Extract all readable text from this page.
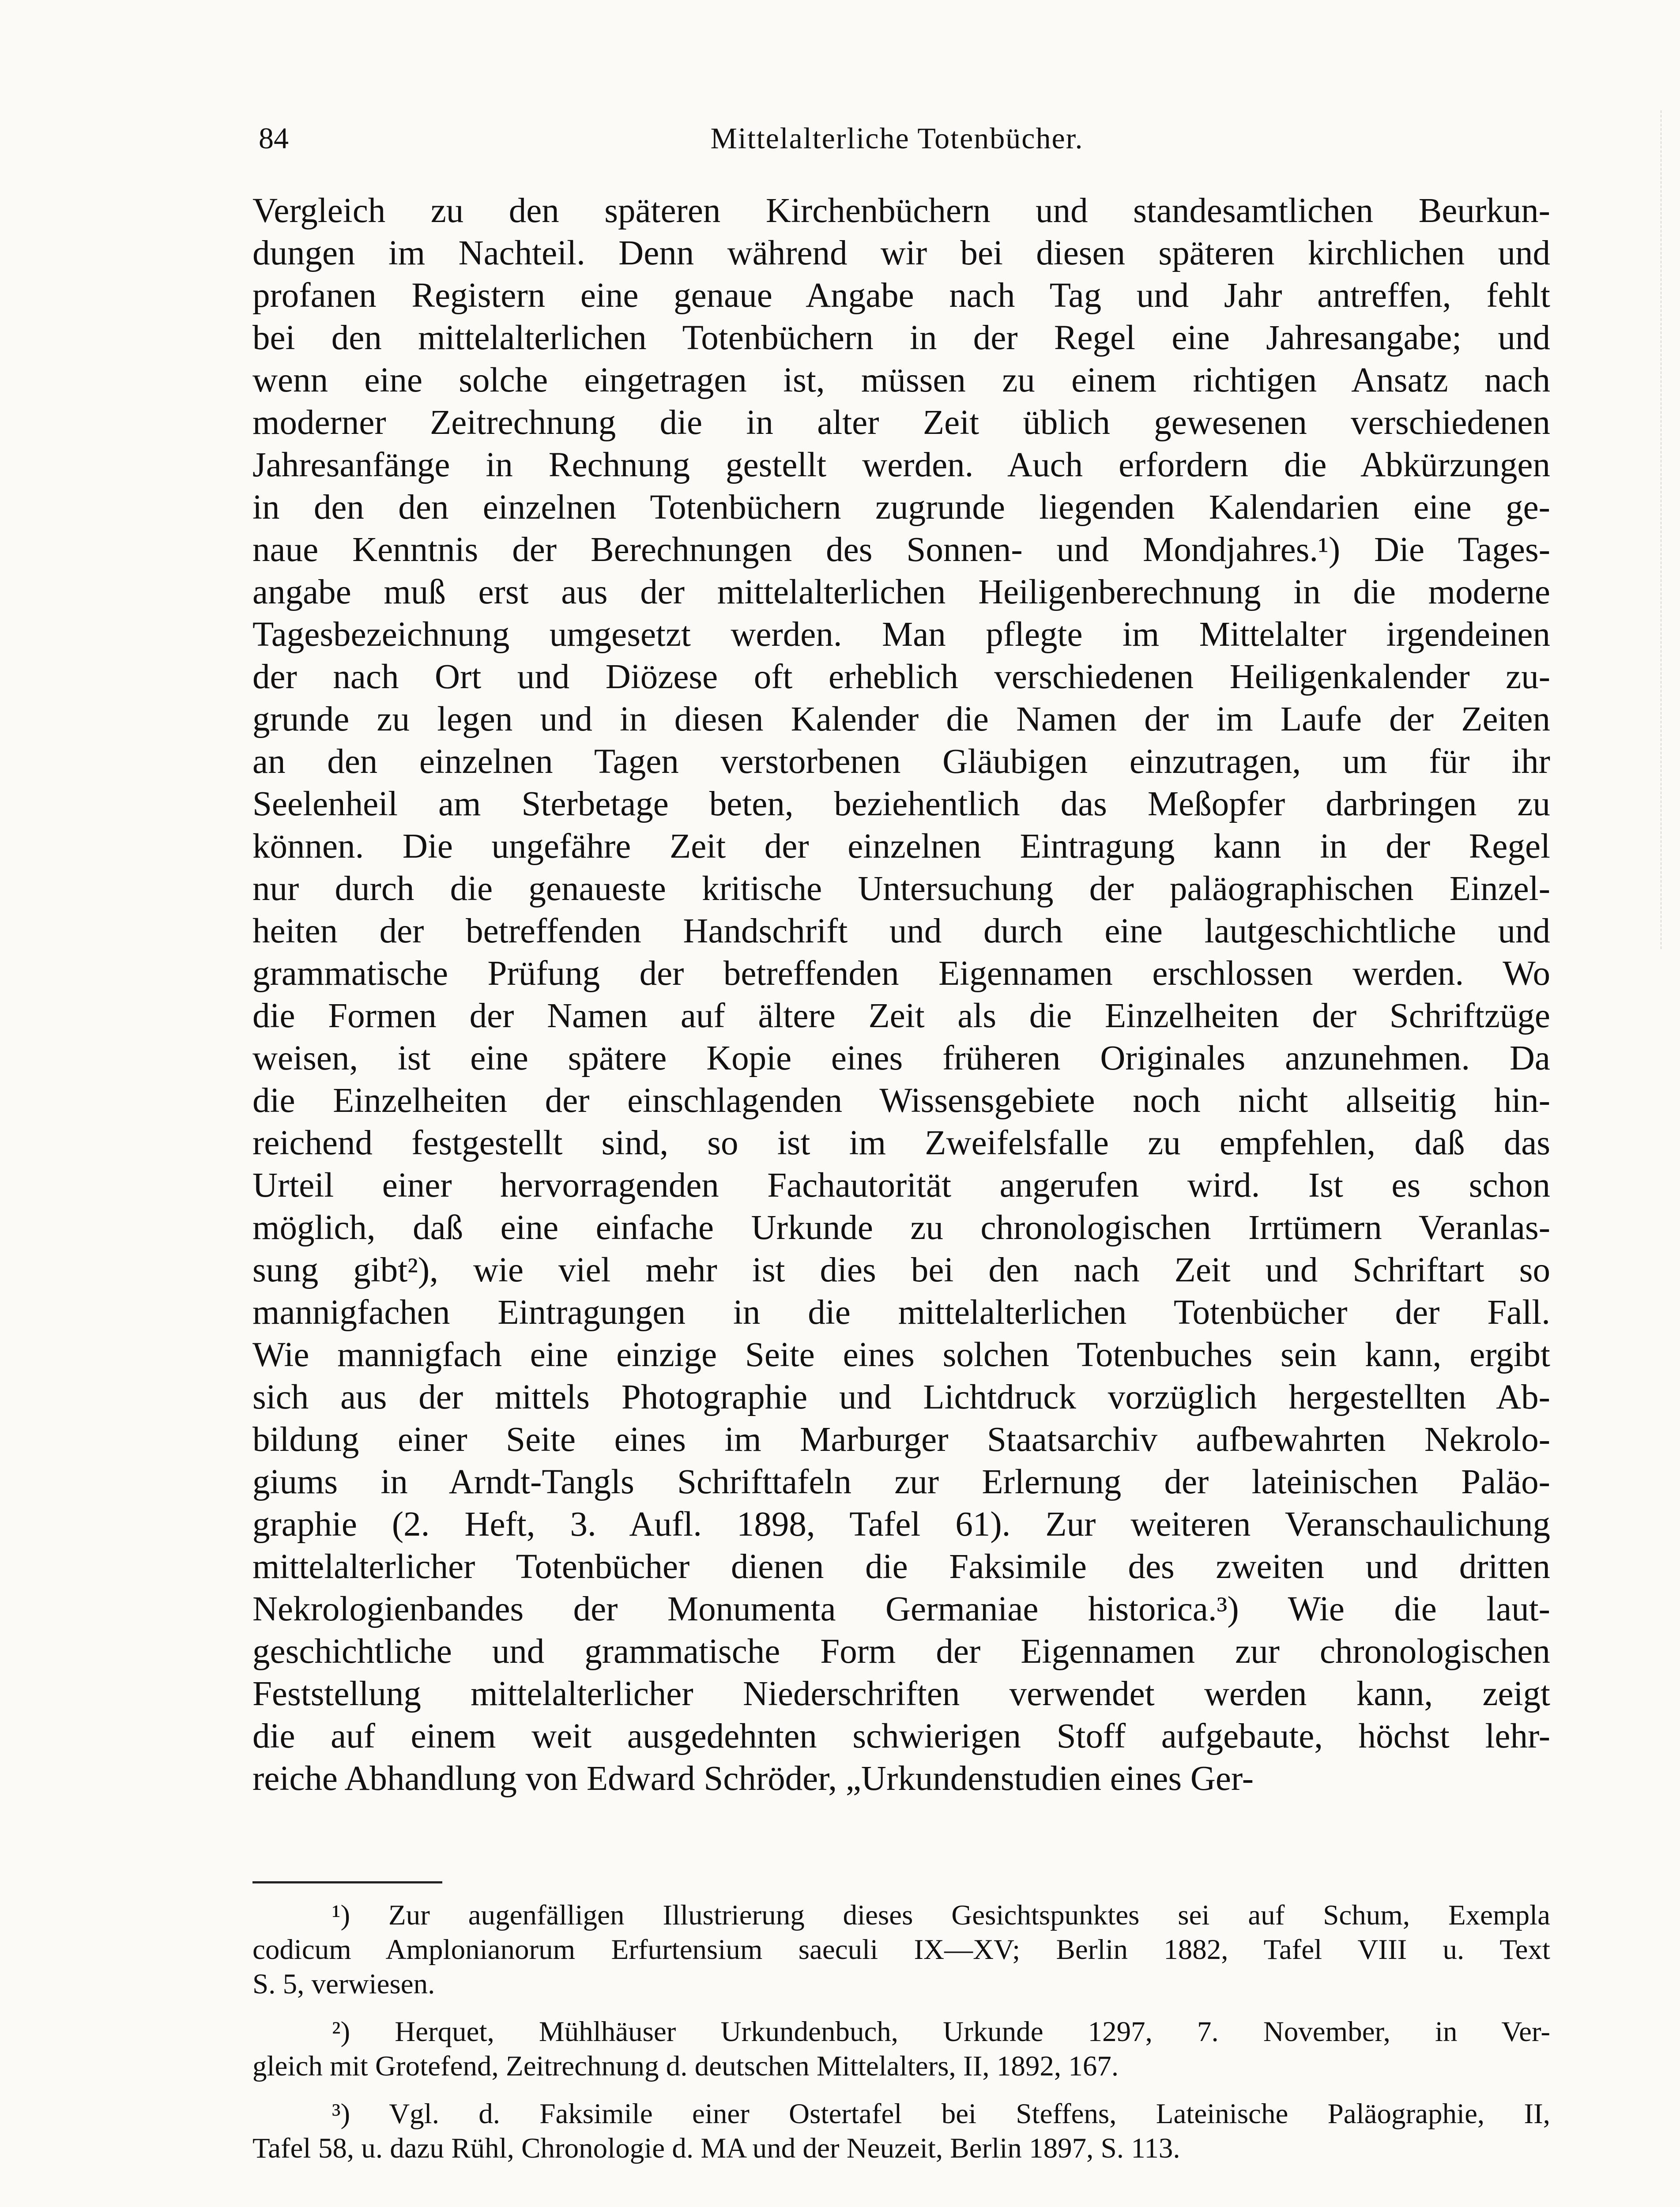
84	Mittelalterliche Totenbücher.
Vergleich zu den späteren Kirchenbüchern und standesamtlichen Beurkun-
dungen im Nachteil. Denn während wir bei diesen späteren kirchlichen und
profanen Registern eine genaue Angabe nach Tag und Jahr antreffen, fehlt
bei den mittelalterlichen Totenbüchern in der Regel eine Jahresangabe; und
wenn eine solche eingetragen ist, müssen zu einem richtigen Ansatz nach
moderner Zeitrechnung die in alter Zeit üblich gewesenen verschiedenen
Jahresanfänge in Rechnung gestellt werden. Auch erfordern die Abkürzungen
in den den einzelnen Totenbüchern zugrunde liegenden Kalendarien eine ge-
naue Kenntnis der Berechnungen des Sonnen- und Mondjahres.¹) Die Tages-
angabe muß erst aus der mittelalterlichen Heiligenberechnung in die moderne
Tagesbezeichnung umgesetzt werden. Man pflegte im Mittelalter irgendeinen
der nach Ort und Diözese oft erheblich verschiedenen Heiligenkalender zu-
grunde zu legen und in diesen Kalender die Namen der im Laufe der Zeiten
an den einzelnen Tagen verstorbenen Gläubigen einzutragen, um für ihr
Seelenheil am Sterbetage beten, beziehentlich das Meßopfer darbringen zu
können. Die ungefähre Zeit der einzelnen Eintragung kann in der Regel
nur durch die genaueste kritische Untersuchung der paläographischen Einzel-
heiten der betreffenden Handschrift und durch eine lautgeschichtliche und
grammatische Prüfung der betreffenden Eigennamen erschlossen werden. Wo
die Formen der Namen auf ältere Zeit als die Einzelheiten der Schriftzüge
weisen, ist eine spätere Kopie eines früheren Originales anzunehmen. Da
die Einzelheiten der einschlagenden Wissensgebiete noch nicht allseitig hin-
reichend festgestellt sind, so ist im Zweifelsfalle zu empfehlen, daß das
Urteil einer hervorragenden Fachautorität angerufen wird. Ist es schon
möglich, daß eine einfache Urkunde zu chronologischen Irrtümern Veranlas-
sung gibt²), wie viel mehr ist dies bei den nach Zeit und Schriftart so
mannigfachen Eintragungen in die mittelalterlichen Totenbücher der Fall.
Wie mannigfach eine einzige Seite eines solchen Totenbuches sein kann, ergibt
sich aus der mittels Photographie und Lichtdruck vorzüglich hergestellten Ab-
bildung einer Seite eines im Marburger Staatsarchiv aufbewahrten Nekrolo-
giums in Arndt-Tangls Schrifttafeln zur Erlernung der lateinischen Paläo-
graphie (2. Heft, 3. Aufl. 1898, Tafel 61). Zur weiteren Veranschaulichung
mittelalterlicher Totenbücher dienen die Faksimile des zweiten und dritten
Nekrologienbandes der Monumenta Germaniae historica.³) Wie die laut-
geschichtliche und grammatische Form der Eigennamen zur chronologischen
Feststellung mittelalterlicher Niederschriften verwendet werden kann, zeigt
die auf einem weit ausgedehnten schwierigen Stoff aufgebaute, höchst lehr-
reiche Abhandlung von Edward Schröder, „Urkundenstudien eines Ger-
¹) Zur augenfälligen Illustrierung dieses Gesichtspunktes sei auf Schum, Exempla
codicum Amplonianorum Erfurtensium saeculi IX—XV; Berlin 1882, Tafel VIII u. Text
S. 5, verwiesen.
²) Herquet, Mühlhäuser Urkundenbuch, Urkunde 1297, 7. November, in Ver-
gleich mit Grotefend, Zeitrechnung d. deutschen Mittelalters, II, 1892, 167.
³) Vgl. d. Faksimile einer Ostertafel bei Steffens, Lateinische Paläographie, II,
Tafel 58, u. dazu Rühl, Chronologie d. MA und der Neuzeit, Berlin 1897, S. 113.
